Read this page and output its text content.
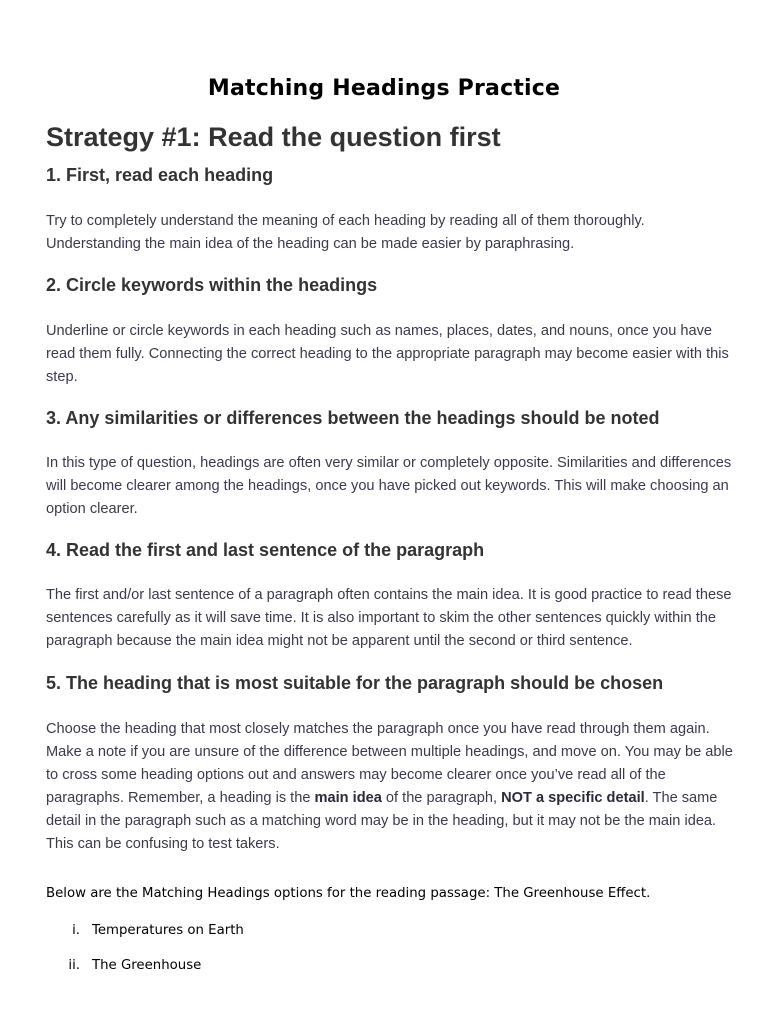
Matching Headings Practice
Strategy #1: Read the question first
1. First, read each heading
Try to completely understand the meaning of each heading by reading all of them thoroughly. Understanding the main idea of the heading can be made easier by paraphrasing.
2. Circle keywords within the headings
Underline or circle keywords in each heading such as names, places, dates, and nouns, once you have read them fully. Connecting the correct heading to the appropriate paragraph may become easier with this step.
3. Any similarities or differences between the headings should be noted
In this type of question, headings are often very similar or completely opposite. Similarities and differences will become clearer among the headings, once you have picked out keywords. This will make choosing an option clearer.
4. Read the first and last sentence of the paragraph
The first and/or last sentence of a paragraph often contains the main idea. It is good practice to read these sentences carefully as it will save time. It is also important to skim the other sentences quickly within the paragraph because the main idea might not be apparent until the second or third sentence.
5. The heading that is most suitable for the paragraph should be chosen
Choose the heading that most closely matches the paragraph once you have read through them again. Make a note if you are unsure of the difference between multiple headings, and move on. You may be able to cross some heading options out and answers may become clearer once you’ve read all of the paragraphs. Remember, a heading is the main idea of the paragraph, NOT a specific detail. The same detail in the paragraph such as a matching word may be in the heading, but it may not be the main idea. This can be confusing to test takers.
Below are the Matching Headings options for the reading passage: The Greenhouse Effect.
i. Temperatures on Earth
ii. The Greenhouse
